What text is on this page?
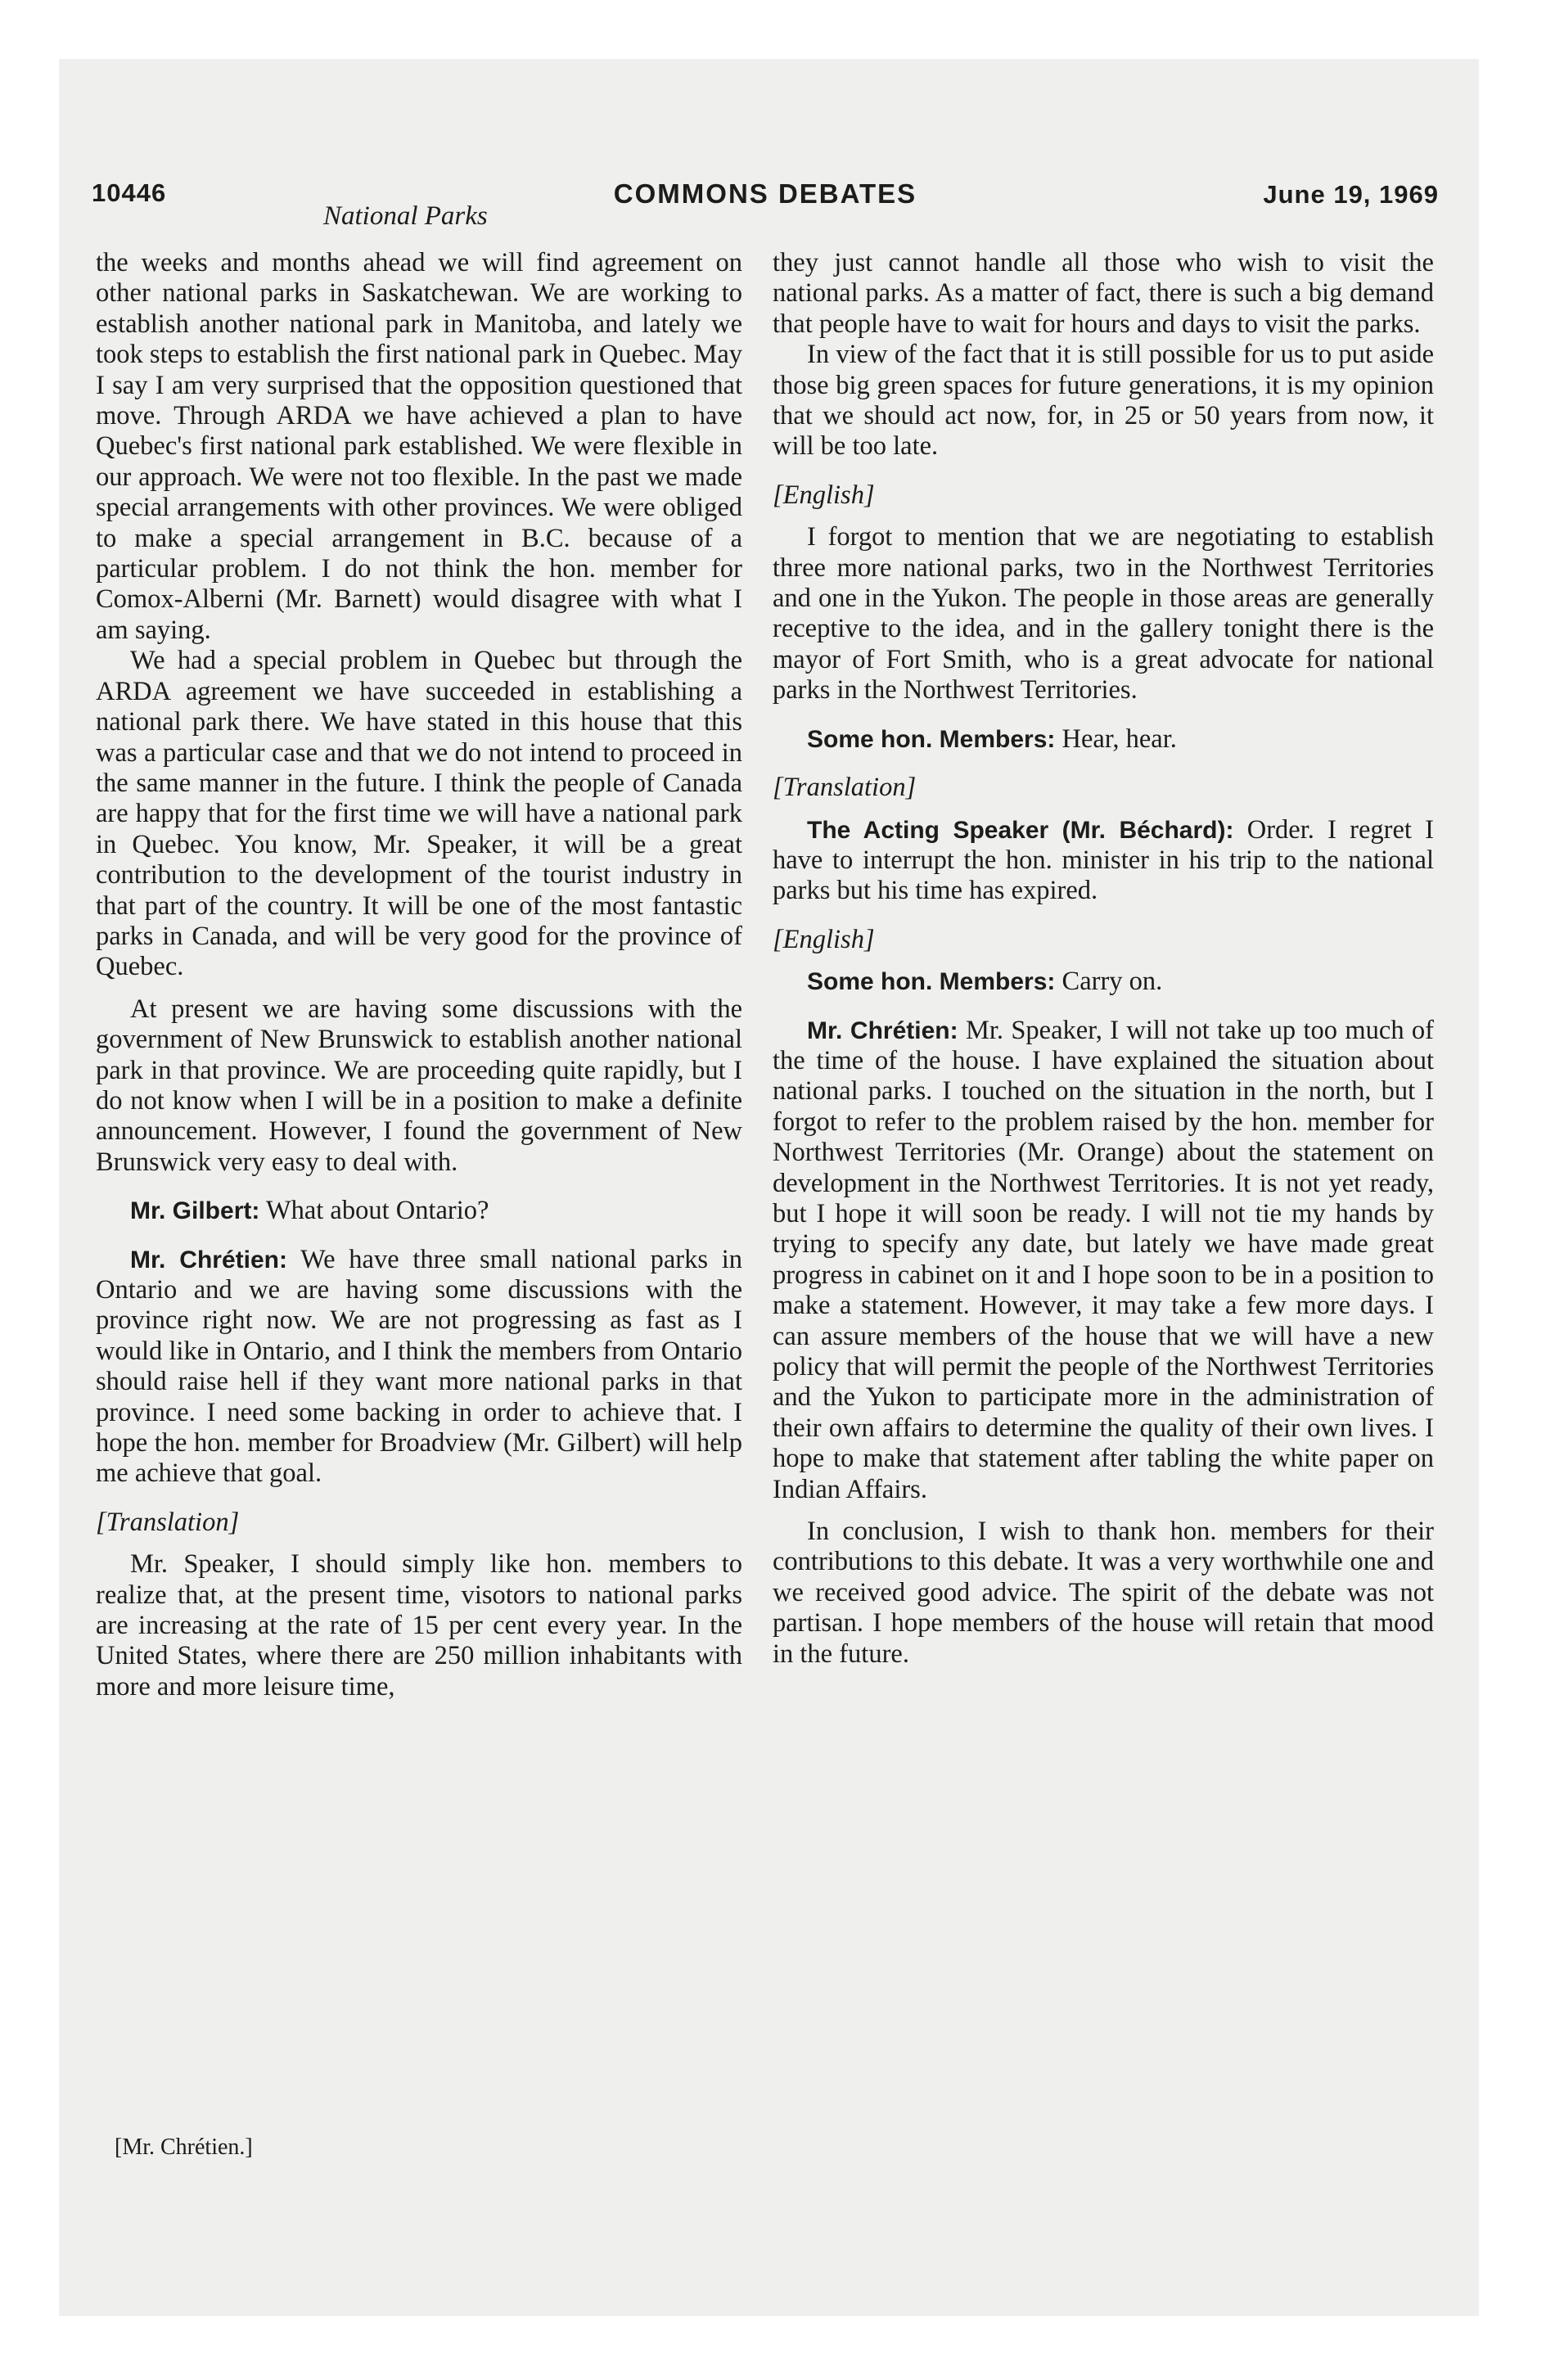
10446	COMMONS DEBATES	June 19, 1969
National Parks

the weeks and months ahead we will find agreement on other national parks in Saskatchewan. We are working to establish another national park in Manitoba, and lately we took steps to establish the first national park in Quebec. May I say I am very surprised that the opposition questioned that move. Through ARDA we have achieved a plan to have Quebec's first national park established. We were flexible in our approach. We were not too flexible. In the past we made special arrangements with other provinces. We were obliged to make a special arrangement in B.C. because of a particular problem. I do not think the hon. member for Comox-Alberni (Mr. Barnett) would disagree with what I am saying.

We had a special problem in Quebec but through the ARDA agreement we have succeeded in establishing a national park there. We have stated in this house that this was a particular case and that we do not intend to proceed in the same manner in the future. I think the people of Canada are happy that for the first time we will have a national park in Quebec. You know, Mr. Speaker, it will be a great contribution to the development of the tourist industry in that part of the country. It will be one of the most fantastic parks in Canada, and will be very good for the province of Quebec.

At present we are having some discussions with the government of New Brunswick to establish another national park in that province. We are proceeding quite rapidly, but I do not know when I will be in a position to make a definite announcement. However, I found the government of New Brunswick very easy to deal with.

Mr. Gilbert: What about Ontario?

Mr. Chrétien: We have three small national parks in Ontario and we are having some discussions with the province right now. We are not progressing as fast as I would like in Ontario, and I think the members from Ontario should raise hell if they want more national parks in that province. I need some backing in order to achieve that. I hope the hon. member for Broadview (Mr. Gilbert) will help me achieve that goal.

[Translation]

Mr. Speaker, I should simply like hon. members to realize that, at the present time, visotors to national parks are increasing at the rate of 15 per cent every year. In the United States, where there are 250 million inhabitants with more and more leisure time,

they just cannot handle all those who wish to visit the national parks. As a matter of fact, there is such a big demand that people have to wait for hours and days to visit the parks.

In view of the fact that it is still possible for us to put aside those big green spaces for future generations, it is my opinion that we should act now, for, in 25 or 50 years from now, it will be too late.

[English]

I forgot to mention that we are negotiating to establish three more national parks, two in the Northwest Territories and one in the Yukon. The people in those areas are generally receptive to the idea, and in the gallery tonight there is the mayor of Fort Smith, who is a great advocate for national parks in the Northwest Territories.

Some hon. Members: Hear, hear.

[Translation]

The Acting Speaker (Mr. Béchard): Order. I regret I have to interrupt the hon. minister in his trip to the national parks but his time has expired.

[English]

Some hon. Members: Carry on.

Mr. Chrétien: Mr. Speaker, I will not take up too much of the time of the house. I have explained the situation about national parks. I touched on the situation in the north, but I forgot to refer to the problem raised by the hon. member for Northwest Territories (Mr. Orange) about the statement on development in the Northwest Territories. It is not yet ready, but I hope it will soon be ready. I will not tie my hands by trying to specify any date, but lately we have made great progress in cabinet on it and I hope soon to be in a position to make a statement. However, it may take a few more days. I can assure members of the house that we will have a new policy that will permit the people of the Northwest Territories and the Yukon to participate more in the administration of their own affairs to determine the quality of their own lives. I hope to make that statement after tabling the white paper on Indian Affairs.

In conclusion, I wish to thank hon. members for their contributions to this debate. It was a very worthwhile one and we received good advice. The spirit of the debate was not partisan. I hope members of the house will retain that mood in the future.

[Mr. Chrétien.]
